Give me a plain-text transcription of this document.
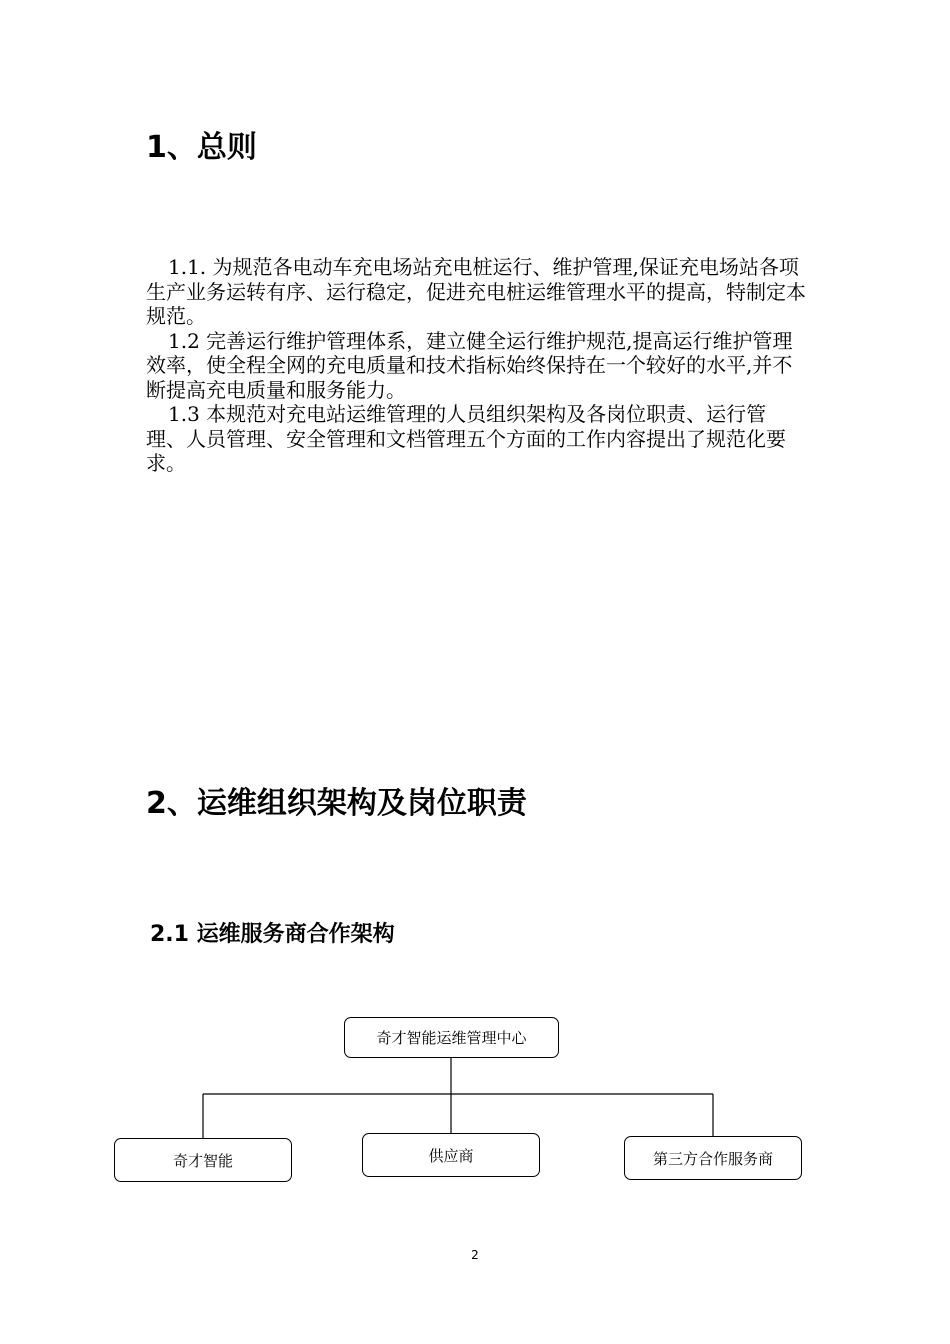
1、总则

1.1. 为规范各电动车充电场站充电桩运行、维护管理,保证充电场站各项生产业务运转有序、运行稳定，促进充电桩运维管理水平的提高，特制定本规范。

1.2 完善运行维护管理体系，建立健全运行维护规范,提高运行维护管理效率，使全程全网的充电质量和技术指标始终保持在一个较好的水平,并不断提高充电质量和服务能力。

1.3 本规范对充电站运维管理的人员组织架构及各岗位职责、运行管理、人员管理、安全管理和文档管理五个方面的工作内容提出了规范化要求。

2、运维组织架构及岗位职责
2.1 运维服务商合作架构
奇才智能运维管理中心
奇才智能	供应商	第三方合作服务商
2
